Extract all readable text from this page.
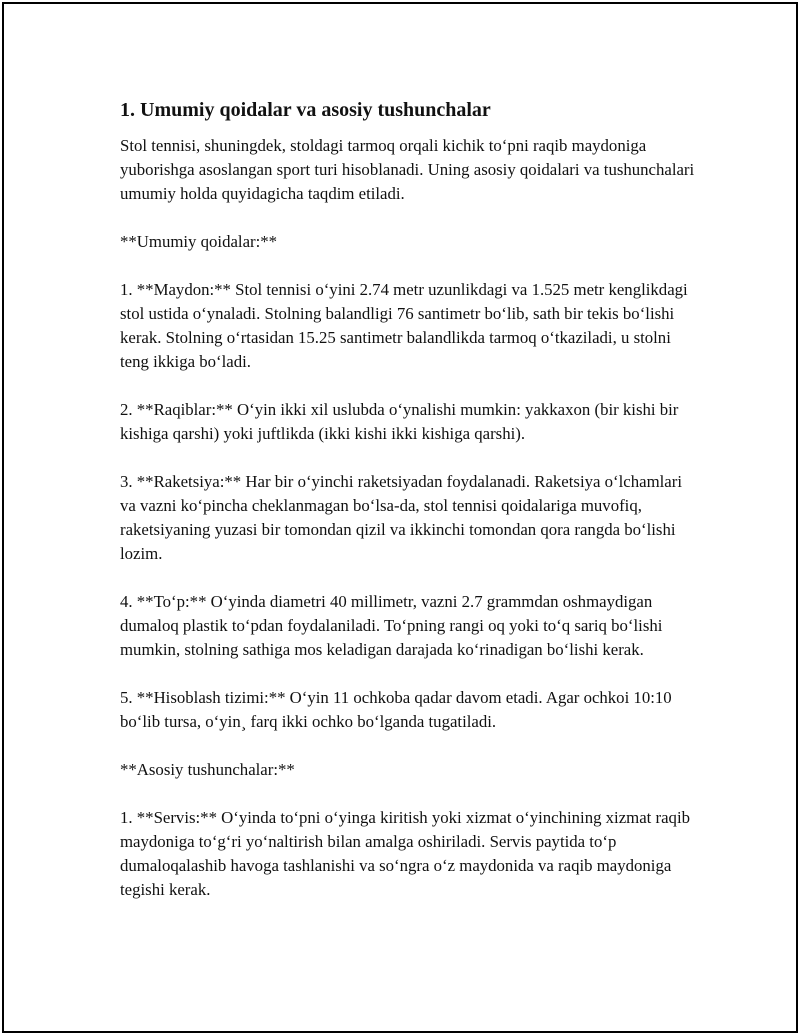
1. Umumiy qoidalar va asosiy tushunchalar

Stol tennisi, shuningdek, stoldagi tarmoq orqali kichik to‘pni raqib maydoniga yuborishga asoslangan sport turi hisoblanadi. Uning asosiy qoidalari va tushunchalari umumiy holda quyidagicha taqdim etiladi.

**Umumiy qoidalar:**

1. **Maydon:** Stol tennisi o‘yini 2.74 metr uzunlikdagi va 1.525 metr kenglikdagi stol ustida o‘ynaladi. Stolning balandligi 76 santimetr bo‘lib, sath bir tekis bo‘lishi kerak. Stolning o‘rtasidan 15.25 santimetr balandlikda tarmoq o‘tkaziladi, u stolni teng ikkiga bo‘ladi.

2. **Raqiblar:** O‘yin ikki xil uslubda o‘ynalishi mumkin: yakkaxon (bir kishi bir kishiga qarshi) yoki juftlikda (ikki kishi ikki kishiga qarshi).

3. **Raketsiya:** Har bir o‘yinchi raketsiyadan foydalanadi. Raketsiya o‘lchamlari va vazni ko‘pincha cheklanmagan bo‘lsa-da, stol tennisi qoidalariga muvofiq, raketsiyaning yuzasi bir tomondan qizil va ikkinchi tomondan qora rangda bo‘lishi lozim.

4. **To‘p:** O‘yinda diametri 40 millimetr, vazni 2.7 grammdan oshmaydigan dumaloq plastik to‘pdan foydalaniladi. To‘pning rangi oq yoki to‘q sariq bo‘lishi mumkin, stolning sathiga mos keladigan darajada ko‘rinadigan bo‘lishi kerak.

5. **Hisoblash tizimi:** O‘yin 11 ochkoba qadar davom etadi. Agar ochkoi 10:10 bo‘lib tursa, o‘yin¸ farq ikki ochko bo‘lganda tugatiladi.

**Asosiy tushunchalar:**

1. **Servis:** O‘yinda to‘pni o‘yinga kiritish yoki xizmat o‘yinchining xizmat raqib maydoniga to‘g‘ri yo‘naltirish bilan amalga oshiriladi. Servis paytida to‘p dumaloqalashib havoga tashlanishi va so‘ngra o‘z maydonida va raqib maydoniga tegishi kerak.
